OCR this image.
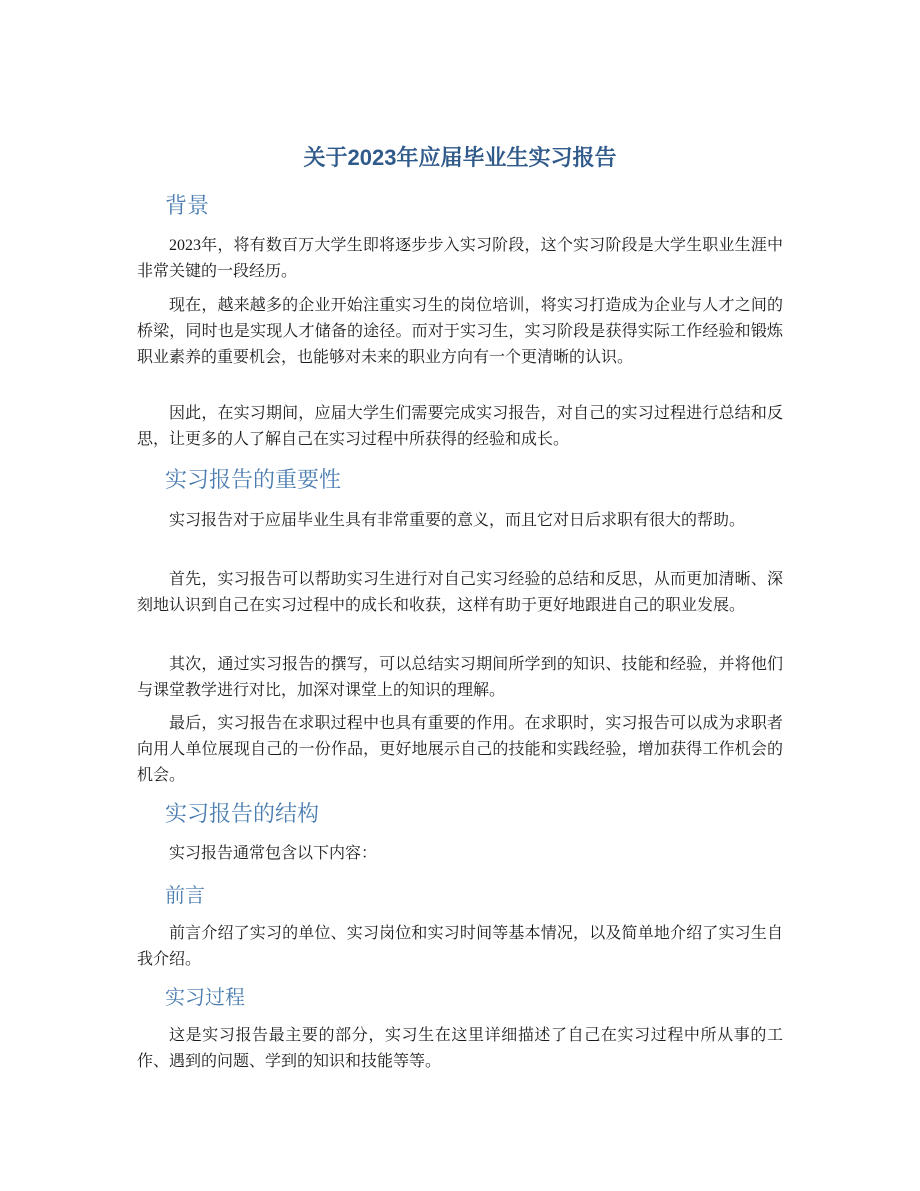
关于2023年应届毕业生实习报告
背景

2023年，将有数百万大学生即将逐步步入实习阶段，这个实习阶段是大学生职业生涯中非常关键的一段经历。

现在，越来越多的企业开始注重实习生的岗位培训，将实习打造成为企业与人才之间的桥梁，同时也是实现人才储备的途径。而对于实习生，实习阶段是获得实际工作经验和锻炼职业素养的重要机会，也能够对未来的职业方向有一个更清晰的认识。

因此，在实习期间，应届大学生们需要完成实习报告，对自己的实习过程进行总结和反思，让更多的人了解自己在实习过程中所获得的经验和成长。

实习报告的重要性

实习报告对于应届毕业生具有非常重要的意义，而且它对日后求职有很大的帮助。

首先，实习报告可以帮助实习生进行对自己实习经验的总结和反思，从而更加清晰、深刻地认识到自己在实习过程中的成长和收获，这样有助于更好地跟进自己的职业发展。

其次，通过实习报告的撰写，可以总结实习期间所学到的知识、技能和经验，并将他们与课堂教学进行对比，加深对课堂上的知识的理解。

最后，实习报告在求职过程中也具有重要的作用。在求职时，实习报告可以成为求职者向用人单位展现自己的一份作品，更好地展示自己的技能和实践经验，增加获得工作机会的机会。

实习报告的结构

实习报告通常包含以下内容：

前言

前言介绍了实习的单位、实习岗位和实习时间等基本情况，以及简单地介绍了实习生自我介绍。

实习过程

这是实习报告最主要的部分，实习生在这里详细描述了自己在实习过程中所从事的工作、遇到的问题、学到的知识和技能等等。
